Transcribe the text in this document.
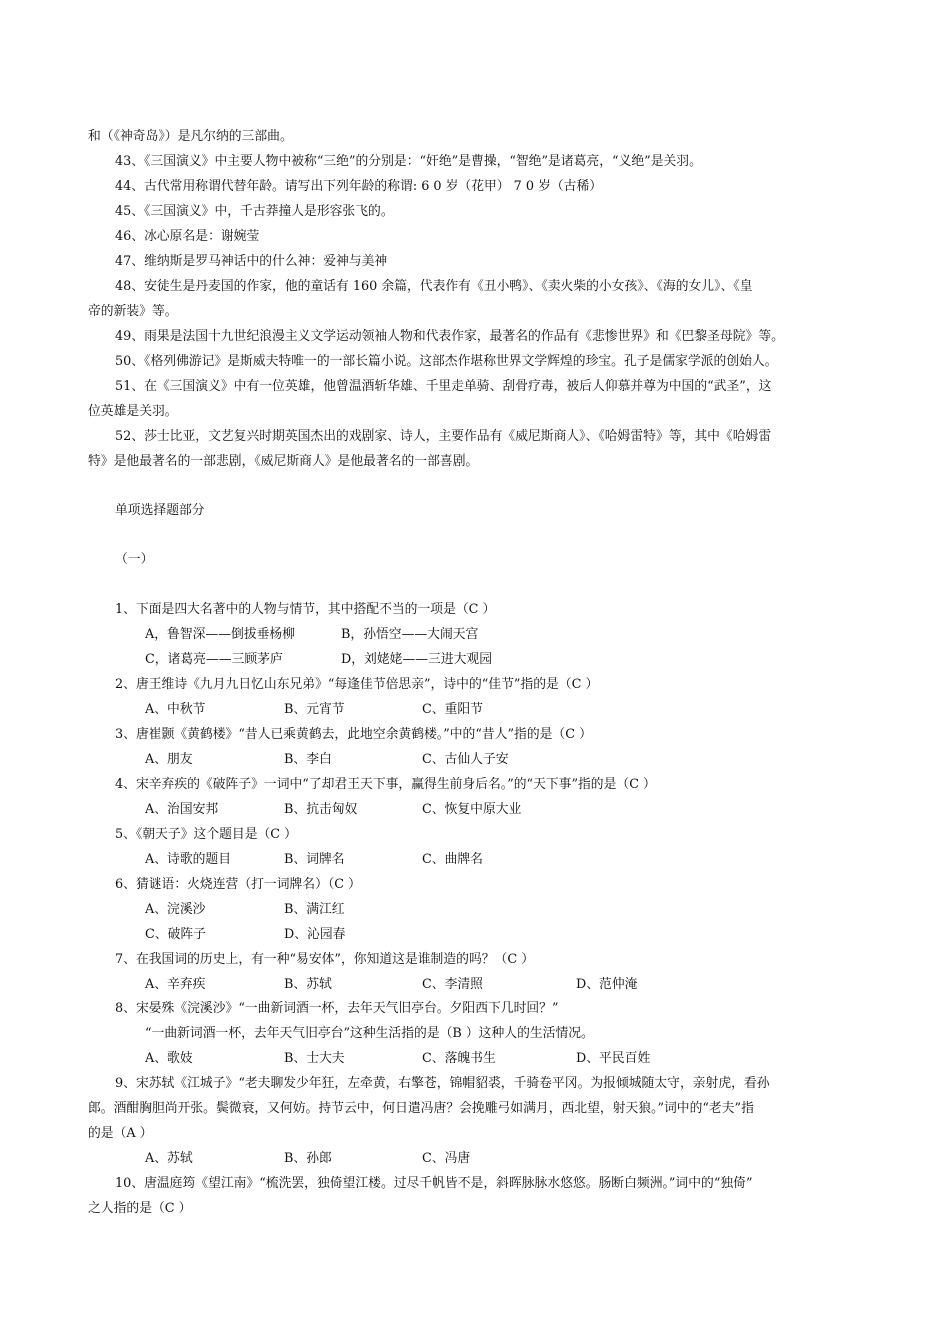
和（《神奇岛》）是凡尔纳的三部曲。
43、《三国演义》中主要人物中被称“三绝”的分别是：“奸绝”是曹操，“智绝”是诸葛亮，“义绝”是关羽。
44、古代常用称谓代替年龄。请写出下列年龄的称谓: 6 0 岁（花甲） 7 0 岁（古稀）
45、《三国演义》中，千古莽撞人是形容张飞的。
46、冰心原名是：谢婉莹
47、维纳斯是罗马神话中的什么神：爱神与美神
48、安徒生是丹麦国的作家，他的童话有 160 余篇，代表作有《丑小鸭》、《卖火柴的小女孩》、《海的女儿》、《皇
帝的新装》等。
49、雨果是法国十九世纪浪漫主义文学运动领袖人物和代表作家，最著名的作品有《悲惨世界》和《巴黎圣母院》等。
50、《格列佛游记》是斯威夫特唯一的一部长篇小说。这部杰作堪称世界文学辉煌的珍宝。孔子是儒家学派的创始人。
51、在《三国演义》中有一位英雄，他曾温酒斩华雄、千里走单骑、刮骨疗毒，被后人仰慕并尊为中国的“武圣”，这
位英雄是关羽。
52、莎士比亚，文艺复兴时期英国杰出的戏剧家、诗人，主要作品有《威尼斯商人》、《哈姆雷特》等，其中《哈姆雷
特》是他最著名的一部悲剧，《威尼斯商人》是他最著名的一部喜剧。
单项选择题部分
（一）
1、下面是四大名著中的人物与情节，其中搭配不当的一项是（C ）
A，鲁智深——倒拔垂杨柳	B，孙悟空——大闹天宫
C，诸葛亮——三顾茅庐	D，刘姥姥——三进大观园
2、唐王维诗《九月九日忆山东兄弟》“每逢佳节倍思亲”，诗中的“佳节”指的是（C ）
A、中秋节	B、元宵节	C、重阳节
3、唐崔颢《黄鹤楼》“昔人已乘黄鹤去，此地空余黄鹤楼。”中的“昔人”指的是（C ）
A、朋友	B、李白	C、古仙人子安
4、宋辛弃疾的《破阵子》一词中“了却君王天下事，赢得生前身后名。”的“天下事”指的是（C ）
A、治国安邦	B、抗击匈奴	C、恢复中原大业
5、《朝天子》这个题目是（C ）
A、诗歌的题目	B、词牌名	C、曲牌名
6、猜谜语：火烧连营（打一词牌名）（C ）
A、浣溪沙	B、满江红
C、破阵子	D、沁园春
7、在我国词的历史上，有一种“易安体”，你知道这是谁制造的吗？（C ）
A、辛弃疾	B、苏轼	C、李清照	D、范仲淹
8、宋晏殊《浣溪沙》“一曲新词酒一杯，去年天气旧亭台。夕阳西下几时回？”
“一曲新词酒一杯，去年天气旧亭台”这种生活指的是（B ）这种人的生活情况。
A、歌妓	B、士大夫	C、落魄书生	D、平民百姓
9、宋苏轼《江城子》“老夫聊发少年狂，左牵黄，右擎苍，锦帽貂裘，千骑卷平冈。为报倾城随太守，亲射虎，看孙
郎。酒酣胸胆尚开张。鬓微衰，又何妨。持节云中，何日遣冯唐？会挽雕弓如满月，西北望，射天狼。”词中的“老夫”指
的是（A ）
A、苏轼	B、孙郎	C、冯唐
10、唐温庭筠《望江南》“梳洗罢，独倚望江楼。过尽千帆皆不是，斜晖脉脉水悠悠。肠断白频洲。”词中的“独倚”
之人指的是（C ）
